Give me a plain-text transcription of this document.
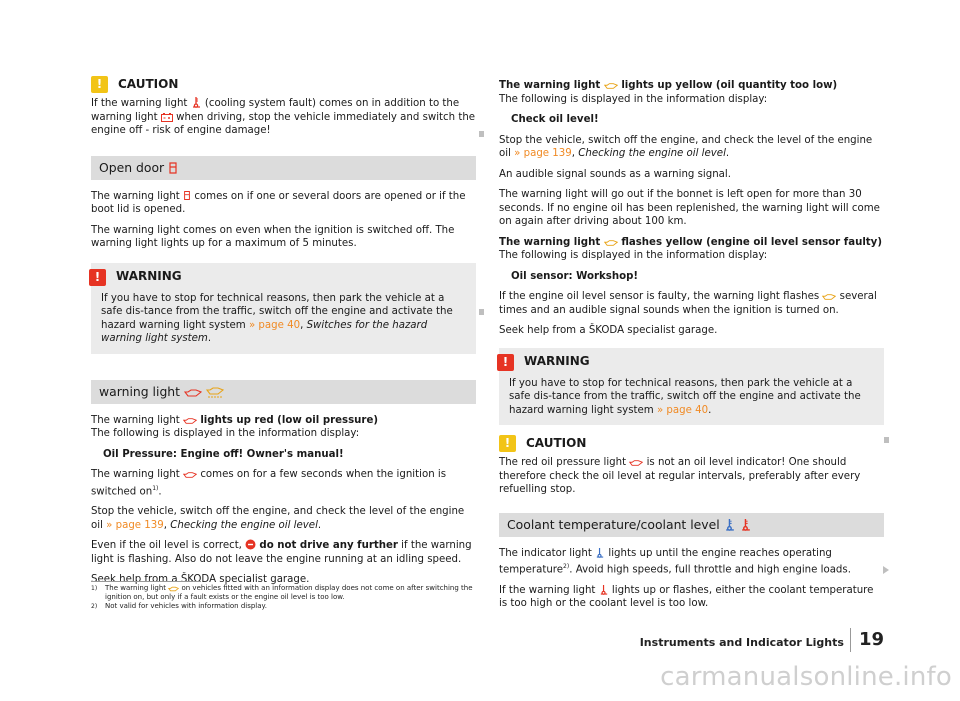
!	CAUTION

If the warning light (cooling system fault) comes on in addition to the warning light when driving, stop the vehicle immediately and switch the engine off - risk of engine damage!

Open door

The warning light comes on if one or several doors are opened or if the boot lid is opened.

The warning light comes on even when the ignition is switched off. The warning light lights up for a maximum of 5 minutes.

!	WARNING
If you have to stop for technical reasons, then park the vehicle at a safe dis-tance from the traffic, switch off the engine and activate the hazard warning light system » page 40, Switches for the hazard warning light system.
warning light

The warning light lights up red (low oil pressure)

The following is displayed in the information display:

Oil Pressure: Engine off! Owner's manual!

The warning light comes on for a few seconds when the ignition is switched $on^{1)}$.

Stop the vehicle, switch off the engine, and check the level of the engine oil » page 139, Checking the engine oil level.

Even if the oil level is correct, do not drive any further if the warning light is flashing. Also do not leave the engine running at an idling speed.

Seek help from a ŠKODA specialist garage.

The warning light lights up yellow (oil quantity too low)

The following is displayed in the information display:

Check oil level!

Stop the vehicle, switch off the engine, and check the level of the engine oil » page 139, Checking the engine oil level.

An audible signal sounds as a warning signal.

The warning light will go out if the bonnet is left open for more than 30 seconds. If no engine oil has been replenished, the warning light will come on again after driving about 100 km.

The warning light flashes yellow (engine oil level sensor faulty)

The following is displayed in the information display:

Oil sensor: Workshop!

If the engine oil level sensor is faulty, the warning light flashes several times and an audible signal sounds when the ignition is turned on.

Seek help from a ŠKODA specialist garage.

!	WARNING
If you have to stop for technical reasons, then park the vehicle at a safe dis-tance from the traffic, switch off the engine and activate the hazard warning light system » page 40.
!	CAUTION

The red oil pressure light is not an oil level indicator! One should therefore check the oil level at regular intervals, preferably after every refuelling stop.

Coolant temperature/coolant level

The indicator light lights up until the engine reaches operating temperature$^{2)}$. Avoid high speeds, full throttle and high engine loads.

If the warning light lights up or flashes, either the coolant temperature is too high or the coolant level is too low.

1)	The warning light on vehicles fitted with an information display does not come on after switching the ignition on, but only if a fault exists or the engine oil level is too low.
2)	Not valid for vehicles with information display.
Instruments and Indicator Lights 19
carmanualsonline.info
